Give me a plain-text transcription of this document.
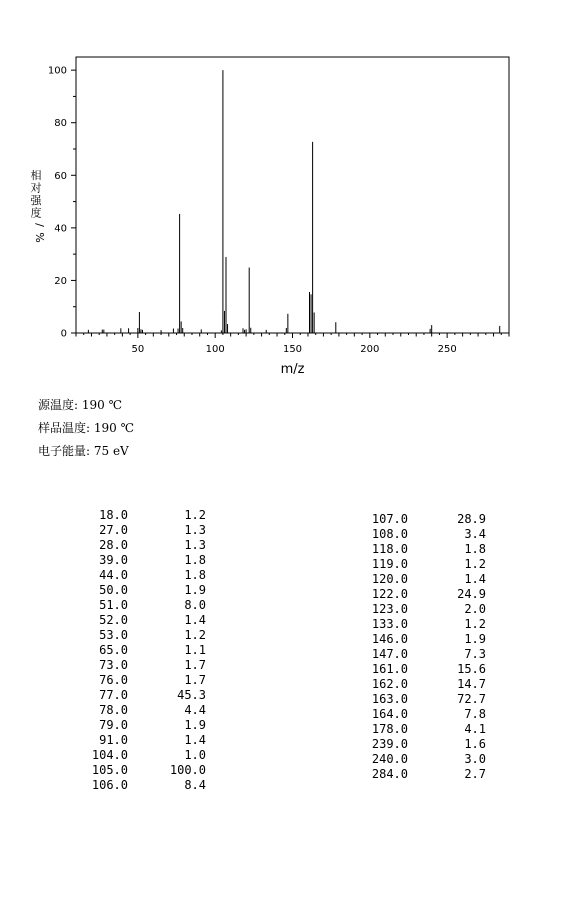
50	100	150	200	250
0
20
40
60
80
100
m/z
相
对
强
度
/
%
源温度: 190 ℃
样品温度: 190 ℃
电子能量: 75 eV
18.0	1.2
27.0	1.3
28.0	1.3
39.0	1.8
44.0	1.8
50.0	1.9
51.0	8.0
52.0	1.4
53.0	1.2
65.0	1.1
73.0	1.7
76.0	1.7
77.0	45.3
78.0	4.4
79.0	1.9
91.0	1.4
104.0	1.0
105.0	100.0
106.0	8.4
107.0	28.9
108.0	3.4
118.0	1.8
119.0	1.2
120.0	1.4
122.0	24.9
123.0	2.0
133.0	1.2
146.0	1.9
147.0	7.3
161.0	15.6
162.0	14.7
163.0	72.7
164.0	7.8
178.0	4.1
239.0	1.6
240.0	3.0
284.0	2.7
